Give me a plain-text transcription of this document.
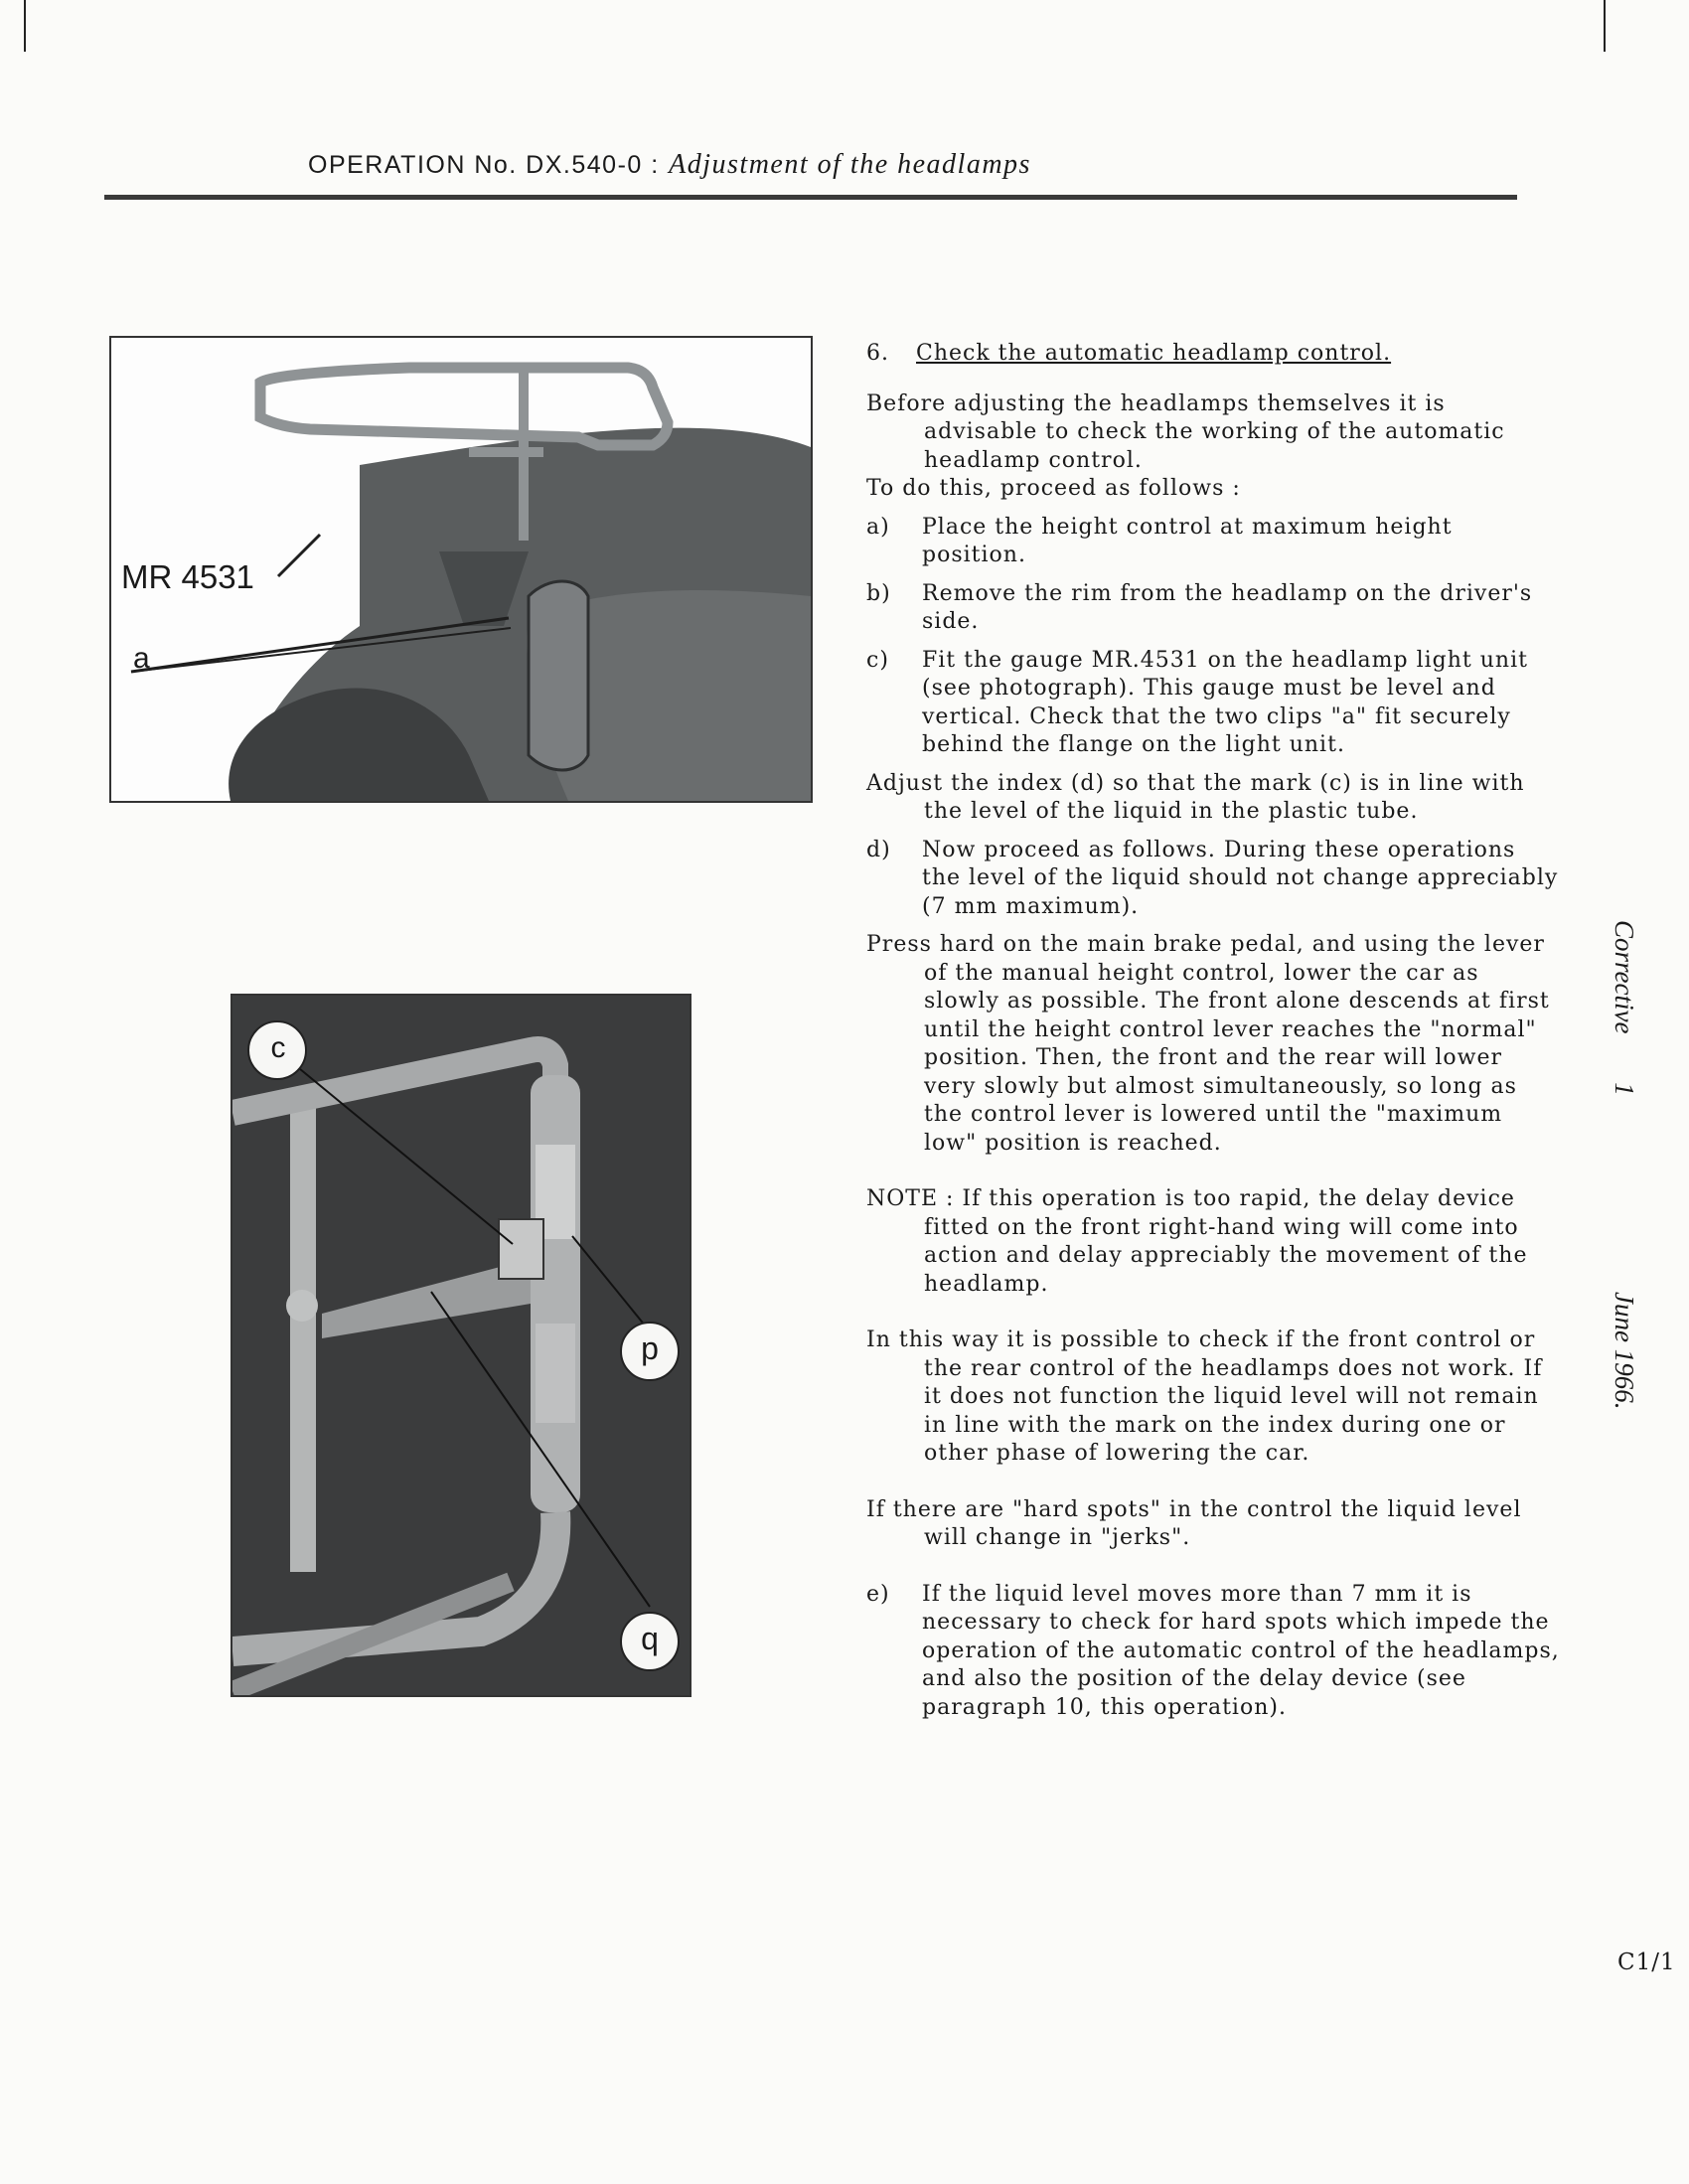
OPERATION No. DX.540-0 : Adjustment of the headlamps
MR 4531
a
c
p
q

6. Check the automatic headlamp control.

Before adjusting the headlamps themselves it is advisable to check the working of the automatic headlamp control.

To do this, proceed as follows :

a)	Place the height control at maximum height position.
b)	Remove the rim from the headlamp on the driver's side.
c)	Fit the gauge MR.4531 on the headlamp light unit (see photograph). This gauge must be level and vertical. Check that the two clips "a" fit securely behind the flange on the light unit.

Adjust the index (d) so that the mark (c) is in line with the level of the liquid in the plastic tube.

d)	Now proceed as follows. During these operations the level of the liquid should not change appreciably (7 mm maximum).

Press hard on the main brake pedal, and using the lever of the manual height control, lower the car as slowly as possible. The front alone descends at first until the height control lever reaches the "normal" position. Then, the front and the rear will lower very slowly but almost simultaneously, so long as the control lever is lowered until the "maximum low" position is reached.

NOTE : If this operation is too rapid, the delay device fitted on the front right-hand wing will come into action and delay appreciably the movement of the headlamp.

In this way it is possible to check if the front control or the rear control of the headlamps does not work. If it does not function the liquid level will not remain in line with the mark on the index during one or other phase of lowering the car.

If there are "hard spots" in the control the liquid level will change in "jerks".

e)	If the liquid level moves more than 7 mm it is necessary to check for hard spots which impede the operation of the automatic control of the headlamps, and also the position of the delay device (see paragraph 10, this operation).
Corrective 1
June 1966.
C1/1
